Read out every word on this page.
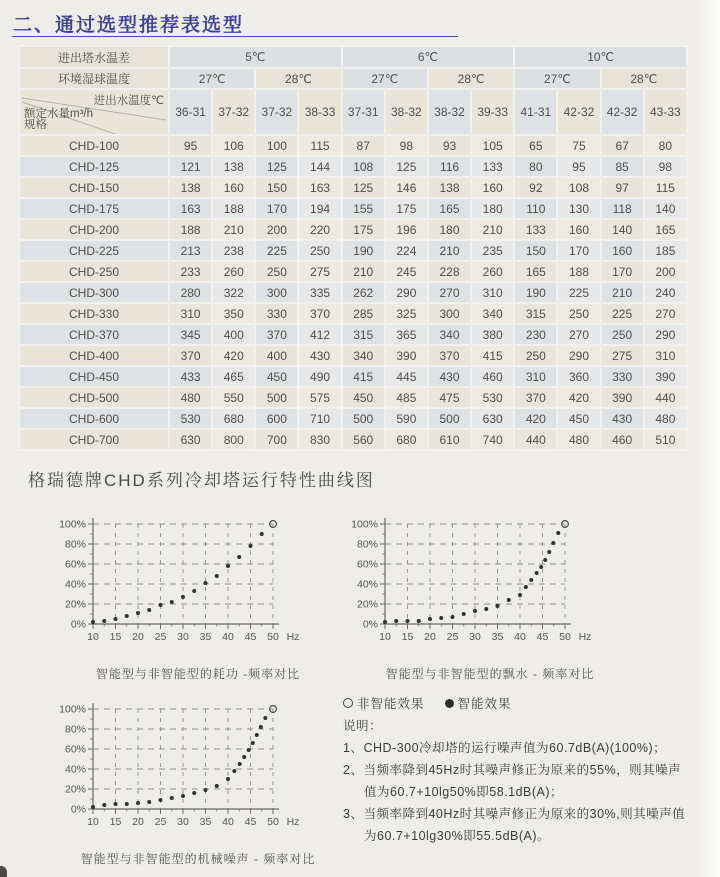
二、通过选型推荐表选型
进出塔水温差	5℃				6℃				10℃			
环境湿球温度	27℃		28℃		27℃		28℃		27℃		28℃	

进出水温度℃
额定水量m³/h
规格	36-31	37-32	37-32	38-33	37-31	38-32	38-32	39-33	41-31	42-32	42-32	43-33
CHD-100	95	106	100	115	87	98	93	105	65	75	67	80
CHD-125	121	138	125	144	108	125	116	133	80	95	85	98
CHD-150	138	160	150	163	125	146	138	160	92	108	97	115
CHD-175	163	188	170	194	155	175	165	180	110	130	118	140
CHD-200	188	210	200	220	175	196	180	210	133	160	140	165
CHD-225	213	238	225	250	190	224	210	235	150	170	160	185
CHD-250	233	260	250	275	210	245	228	260	165	188	170	200
CHD-300	280	322	300	335	262	290	270	310	190	225	210	240
CHD-330	310	350	330	370	285	325	300	340	315	250	225	270
CHD-370	345	400	370	412	315	365	340	380	230	270	250	290
CHD-400	370	420	400	430	340	390	370	415	250	290	275	310
CHD-450	433	465	450	490	415	445	430	460	310	360	330	390
CHD-500	480	550	500	575	450	485	475	530	370	420	390	440
CHD-600	530	680	600	710	500	590	500	630	420	450	430	480
CHD-700	630	800	700	830	560	680	610	740	440	480	460	510
格瑞德牌CHD系列冷却塔运行特性曲线图
10 15 20 25 30 35 40 45 50 Hz
0%
20%
40%
60%
80%
100%
智能型与非智能型的耗功 -频率对比
10 15 20 25 30 35 40 45 50 Hz
0%
20%
40%
60%
80%
100%
智能型与非智能型的飘水 - 频率对比
10 15 20 25 30 35 40 45 50 Hz
0%
20%
40%
60%
80%
100%
智能型与非智能型的机械噪声 - 频率对比
非智能效果	智能效果
说明：
1、CHD-300冷却塔的运行噪声值为60.7dB(A)(100%)；
2、当频率降到45Hz时其噪声修正为原来的55%，则其噪声
值为60.7+10lg50%即58.1dB(A)；
3、当频率降到40Hz时其噪声修正为原来的30%,则其噪声值
为60.7+10lg30%即55.5dB(A)。
